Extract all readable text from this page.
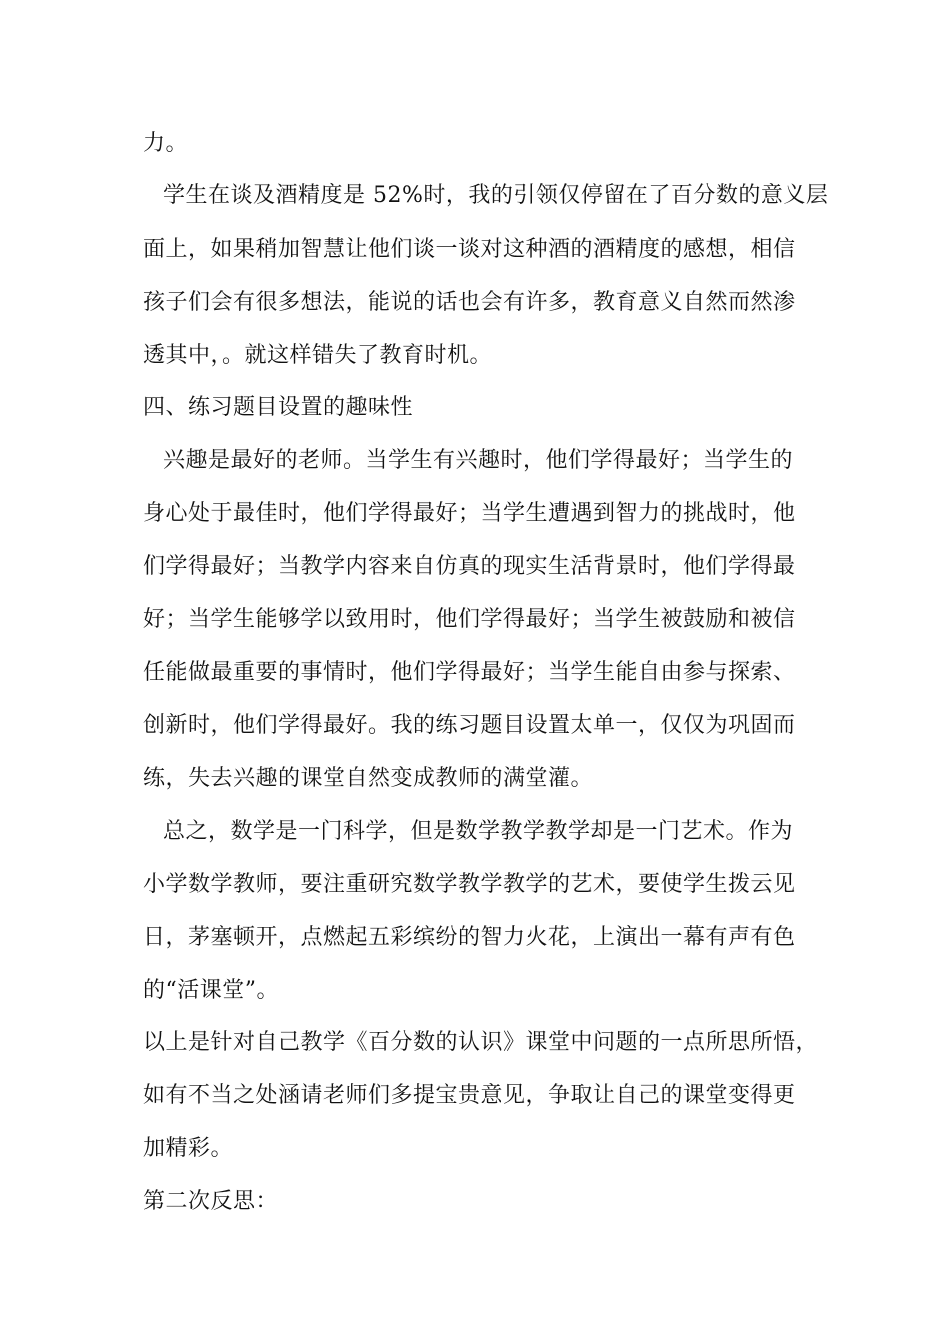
力。
学生在谈及酒精度是 52%时，我的引领仅停留在了百分数的意义层
面上，如果稍加智慧让他们谈一谈对这种酒的酒精度的感想，相信
孩子们会有很多想法，能说的话也会有许多，教育意义自然而然渗
透其中，。就这样错失了教育时机。
四、练习题目设置的趣味性
兴趣是最好的老师。当学生有兴趣时，他们学得最好；当学生的
身心处于最佳时，他们学得最好；当学生遭遇到智力的挑战时，他
们学得最好；当教学内容来自仿真的现实生活背景时，他们学得最
好；当学生能够学以致用时，他们学得最好；当学生被鼓励和被信
任能做最重要的事情时，他们学得最好；当学生能自由参与探索、
创新时，他们学得最好。我的练习题目设置太单一，仅仅为巩固而
练，失去兴趣的课堂自然变成教师的满堂灌。
总之，数学是一门科学，但是数学教学教学却是一门艺术。作为
小学数学教师，要注重研究数学教学教学的艺术，要使学生拨云见
日，茅塞顿开，点燃起五彩缤纷的智力火花，上演出一幕有声有色
的“活课堂”。
以上是针对自己教学《百分数的认识》课堂中问题的一点所思所悟，
如有不当之处涵请老师们多提宝贵意见，争取让自己的课堂变得更
加精彩。
第二次反思：
